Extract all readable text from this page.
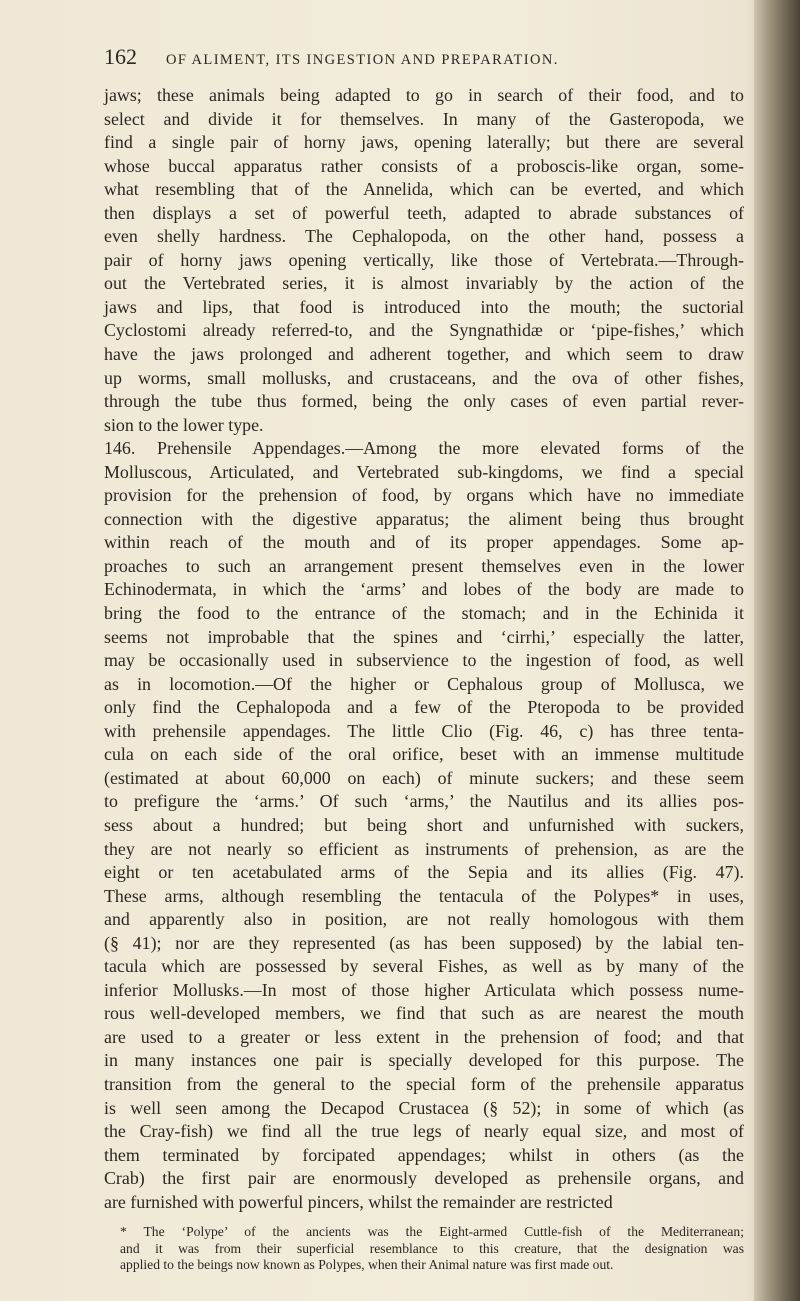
162	OF ALIMENT, ITS INGESTION AND PREPARATION.

jaws; these animals being adapted to go in search of their food, and to
select and divide it for themselves. In many of the Gasteropoda, we
find a single pair of horny jaws, opening laterally; but there are several
whose buccal apparatus rather consists of a proboscis-like organ, some-
what resembling that of the Annelida, which can be everted, and which
then displays a set of powerful teeth, adapted to abrade substances of
even shelly hardness. The Cephalopoda, on the other hand, possess a
pair of horny jaws opening vertically, like those of Vertebrata.—Through-
out the Vertebrated series, it is almost invariably by the action of the
jaws and lips, that food is introduced into the mouth; the suctorial
Cyclostomi already referred-to, and the Syngnathidæ or ‘pipe-fishes,’ which
have the jaws prolonged and adherent together, and which seem to draw
up worms, small mollusks, and crustaceans, and the ova of other fishes,
through the tube thus formed, being the only cases of even partial rever-
sion to the lower type.

146. Prehensile Appendages.—Among the more elevated forms of the
Molluscous, Articulated, and Vertebrated sub-kingdoms, we find a special
provision for the prehension of food, by organs which have no immediate
connection with the digestive apparatus; the aliment being thus brought
within reach of the mouth and of its proper appendages. Some ap-
proaches to such an arrangement present themselves even in the lower
Echinodermata, in which the ‘arms’ and lobes of the body are made to
bring the food to the entrance of the stomach; and in the Echinida it
seems not improbable that the spines and ‘cirrhi,’ especially the latter,
may be occasionally used in subservience to the ingestion of food, as well
as in locomotion.—Of the higher or Cephalous group of Mollusca, we
only find the Cephalopoda and a few of the Pteropoda to be provided
with prehensile appendages. The little Clio (Fig. 46, c) has three tenta-
cula on each side of the oral orifice, beset with an immense multitude
(estimated at about 60,000 on each) of minute suckers; and these seem
to prefigure the ‘arms.’ Of such ‘arms,’ the Nautilus and its allies pos-
sess about a hundred; but being short and unfurnished with suckers,
they are not nearly so efficient as instruments of prehension, as are the
eight or ten acetabulated arms of the Sepia and its allies (Fig. 47).
These arms, although resembling the tentacula of the Polypes* in uses,
and apparently also in position, are not really homologous with them
(§ 41); nor are they represented (as has been supposed) by the labial ten-
tacula which are possessed by several Fishes, as well as by many of the
inferior Mollusks.—In most of those higher Articulata which possess nume-
rous well-developed members, we find that such as are nearest the mouth
are used to a greater or less extent in the prehension of food; and that
in many instances one pair is specially developed for this purpose. The
transition from the general to the special form of the prehensile apparatus
is well seen among the Decapod Crustacea (§ 52); in some of which (as
the Cray-fish) we find all the true legs of nearly equal size, and most of
them terminated by forcipated appendages; whilst in others (as the
Crab) the first pair are enormously developed as prehensile organs, and
are furnished with powerful pincers, whilst the remainder are restricted

* The ‘Polype’ of the ancients was the Eight-armed Cuttle-fish of the Mediterranean;
and it was from their superficial resemblance to this creature, that the designation was
applied to the beings now known as Polypes, when their Animal nature was first made out.
